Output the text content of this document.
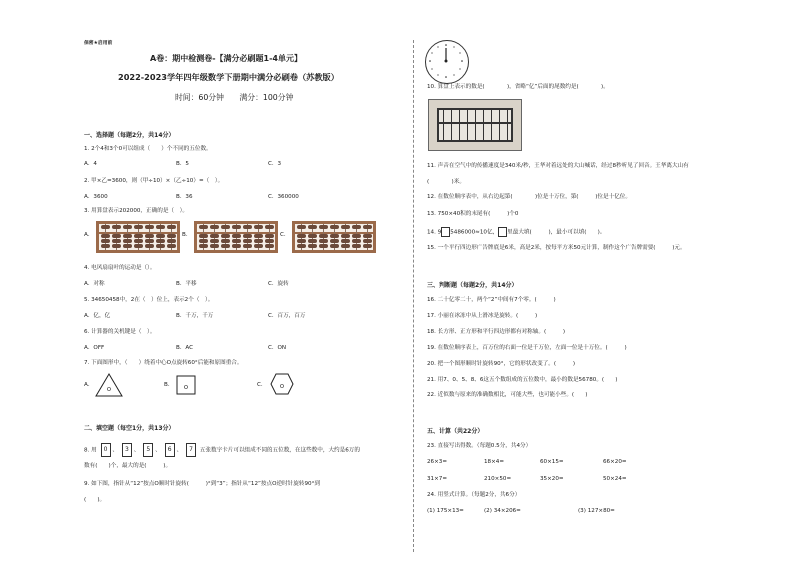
保密★启用前
A卷：期中检测卷-【满分必刷题1-4单元】
2022-2023学年四年级数学下册期中满分必刷卷（苏教版）
时间：60分钟　　满分：100分钟
一、选择题（每题2分，共14分）
1. 2个4和3个0可以组成（　　）个不同的五位数。
A．4	B．5	C．3
2. 甲×乙=3600，则（甲÷10）×（乙÷10）=（　）。
A．3600	B．36	C．360000
3. 用算盘表示202000，正确的是（　）。
A．	B．	C．
4. 电风扇扇叶的运动是（）。
A．对称	B．平移	C．旋转
5. 34650458中，2在（　）位上，表示2个（　）。
A．亿，亿	B．千万，千万	C．百万，百万
6. 计算器的关机键是（　）。
A．OFF	B．AC	C．ON
7. 下面图形中，（　　）绕着中心O点旋转60°后能和原图重合。
A．
O
B． O	C．	O
二、填空题（每空1分，共13分）
8. 用 0 、 3 、 5 、 6 、 7 五张数字卡片可以组成不同的五位数，在这些数中，大约是6万的
数有(　　)个，最大的是(　　　)。
9. 如下图，指针从“12”按点O顺时针旋转(　　　)°到“3”；指针从“12”按点O逆时针旋转90°到
(　　)。
10. 算盘上表示的数是(　　　　)，省略“亿”后面的尾数约是(　　　　)。
11. 声音在空气中的传播速度是340米/秒，王华对着远处的大山喊话，经过8秒听见了回音。王华离大山有
(　　　　)米。
12. 在数位顺序表中，从右边起第(　　　　)位是十万位，第(　　　)位是十亿位。
13. 750×40积的末尾有(　　　)个0
14. 9 5486000≈10亿， 里最大填(　　　)，最小可以填(　　)。
15. 一个平行四边形广告牌底是6米，高是2米，按每平方米50元计算，制作这个广告牌需要(　　　)元。
三、判断题（每题2分，共14分）
16. 二十亿零二十，两个“2”中间有7个零。(　　　)
17. 小丽在冰冻中从上滑冰是旋转。(　　　)
18. 长方形、正方形和平行四边形都有对称轴。(　　　)
19. 在数位顺序表上，百万位的右面一位是千万位，左面一位是十万位。(　　　)
20. 把一个图形顺时针旋转90°，它的形状改变了。(　　　)
21. 用7、0、5、8、6这五个数组成的五位数中，最小的数是56780。(　　)
22. 近似数与原来的准确数相比，可能大些，也可能小些。(　　)
五、计算（共22分）
23. 直接写出得数。（每题0.5分，共4分）
26×3=	18×4=	60×15=	66×20=
31×7=	210×50=	35×20=	50×24=
24. 用竖式计算。（每题2分，共6分）
(1) 175×13=	(2) 34×206=	(3) 127×80=
